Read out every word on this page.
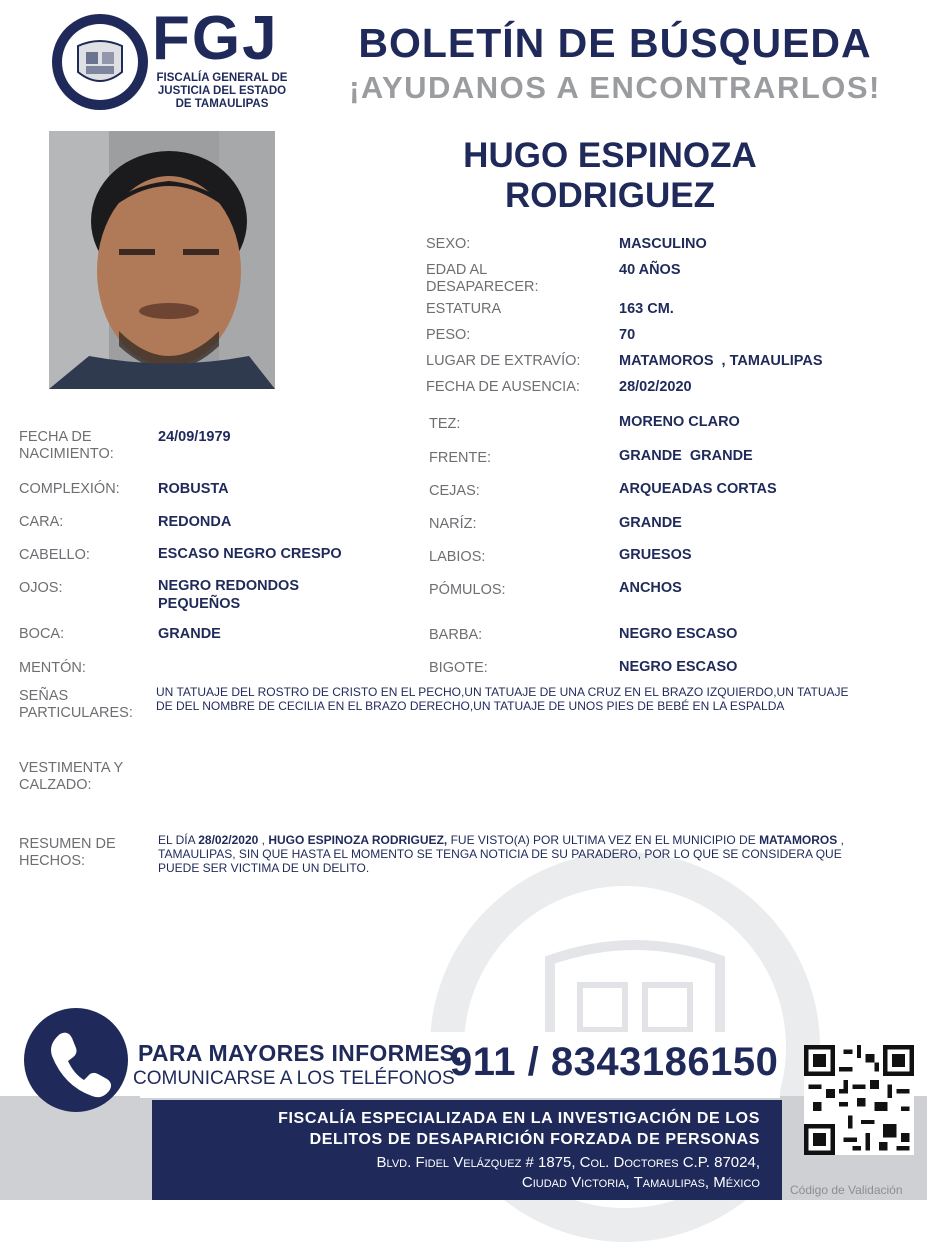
FGJ
FISCALÍA GENERAL DE
JUSTICIA DEL ESTADO
DE TAMAULIPAS
BOLETÍN DE BÚSQUEDA
¡AYUDANOS A ENCONTRARLOS!
HUGO ESPINOZA
RODRIGUEZ
SEXO:	MASCULINO
EDAD AL
DESAPARECER:
40 AÑOS
ESTATURA	163 CM.
PESO:	70
LUGAR DE EXTRAVÍO:	MATAMOROS  , TAMAULIPAS
FECHA DE AUSENCIA:	28/02/2020
FECHA DE
NACIMIENTO:
24/09/1979
COMPLEXIÓN:	ROBUSTA
CARA:	REDONDA
CABELLO:	ESCASO NEGRO CRESPO
OJOS:	NEGRO REDONDOS
PEQUEÑOS
BOCA:	GRANDE
MENTÓN:
TEZ:	MORENO CLARO
FRENTE:	GRANDE  GRANDE
CEJAS:	ARQUEADAS CORTAS
NARÍZ:	GRANDE
LABIOS:	GRUESOS
PÓMULOS:	ANCHOS
BARBA:	NEGRO ESCASO
BIGOTE:	NEGRO ESCASO
SEÑAS
PARTICULARES:
UN TATUAJE DEL ROSTRO DE CRISTO EN EL PECHO,UN TATUAJE DE UNA CRUZ EN EL BRAZO IZQUIERDO,UN TATUAJE
DE DEL NOMBRE DE CECILIA EN EL BRAZO DERECHO,UN TATUAJE DE UNOS PIES DE BEBÉ EN LA ESPALDA
VESTIMENTA Y
CALZADO:
RESUMEN DE
HECHOS:
EL DÍA 28/02/2020 , HUGO ESPINOZA RODRIGUEZ, FUE VISTO(A) POR ULTIMA VEZ EN EL MUNICIPIO DE MATAMOROS ,
TAMAULIPAS, SIN QUE HASTA EL MOMENTO SE TENGA NOTICIA DE SU PARADERO, POR LO QUE SE CONSIDERA QUE
PUEDE SER VICTIMA DE UN DELITO.
PARA MAYORES INFORMES,
COMUNICARSE A LOS TELÉFONOS
911 / 8343186150
FISCALÍA ESPECIALIZADA EN LA INVESTIGACIÓN DE LOS
DELITOS DE DESAPARICIÓN FORZADA DE PERSONAS
Blvd. Fidel Velázquez # 1875, Col. Doctores C.P. 87024,
Ciudad Victoria, Tamaulipas, México	Código de Validación
